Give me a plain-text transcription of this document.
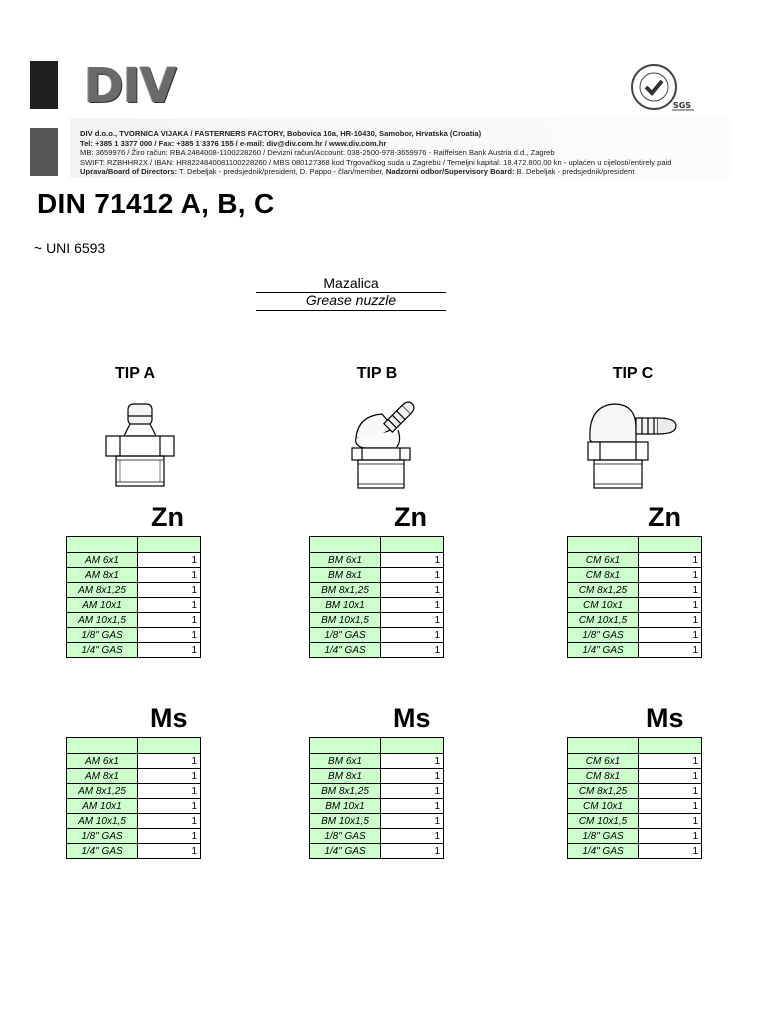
DIV
DIV d.o.o., TVORNICA VIJAKA / FASTERNERS FACTORY, Bobovica 10a, HR-10430, Samobor, Hrvatska (Croatia)
Tel: +385 1 3377 000 / Fax: +385 1 3376 155 / e-mail: div@div.com.hr / www.div.com.hr
MB: 3659976 / Žiro račun: RBA 2484008-1100228260 / Devizni račun/Account: 038-2500-978-3659976 - Raiffeisen Bank Austria d.d., Zagreb
SWIFT: RZBHHR2X / IBAN: HR8224840081100228260 / MBS 080127368 kod Trgovačkog suda u Zagrebu / Temeljni kapital: 18.472.800,00 kn - uplaćen u cijelosti/entirely paid
Uprava/Board of Directors: T. Debeljak - predsjednik/president, D. Pappo - član/member, Nadzorni odbor/Supervisory Board: B. Debeljak - predsjednik/president
SGS
DIN 71412 A, B, C
~ UNI 6593
Mazalica
Grease nuzzle
TIP A	TIP B	TIP C
Zn	Zn	Zn
Ms	Ms	Ms

AM 6x1	1
AM 8x1	1
AM 8x1,25	1
AM 10x1	1
AM 10x1,5	1
1/8" GAS	1
1/4" GAS	1

BM 6x1	1
BM 8x1	1
BM 8x1,25	1
BM 10x1	1
BM 10x1,5	1
1/8" GAS	1
1/4" GAS	1

CM 6x1	1
CM 8x1	1
CM 8x1,25	1
CM 10x1	1
CM 10x1,5	1
1/8" GAS	1
1/4" GAS	1

AM 6x1	1
AM 8x1	1
AM 8x1,25	1
AM 10x1	1
AM 10x1,5	1
1/8" GAS	1
1/4" GAS	1

BM 6x1	1
BM 8x1	1
BM 8x1,25	1
BM 10x1	1
BM 10x1,5	1
1/8" GAS	1
1/4" GAS	1

CM 6x1	1
CM 8x1	1
CM 8x1,25	1
CM 10x1	1
CM 10x1,5	1
1/8" GAS	1
1/4" GAS	1
